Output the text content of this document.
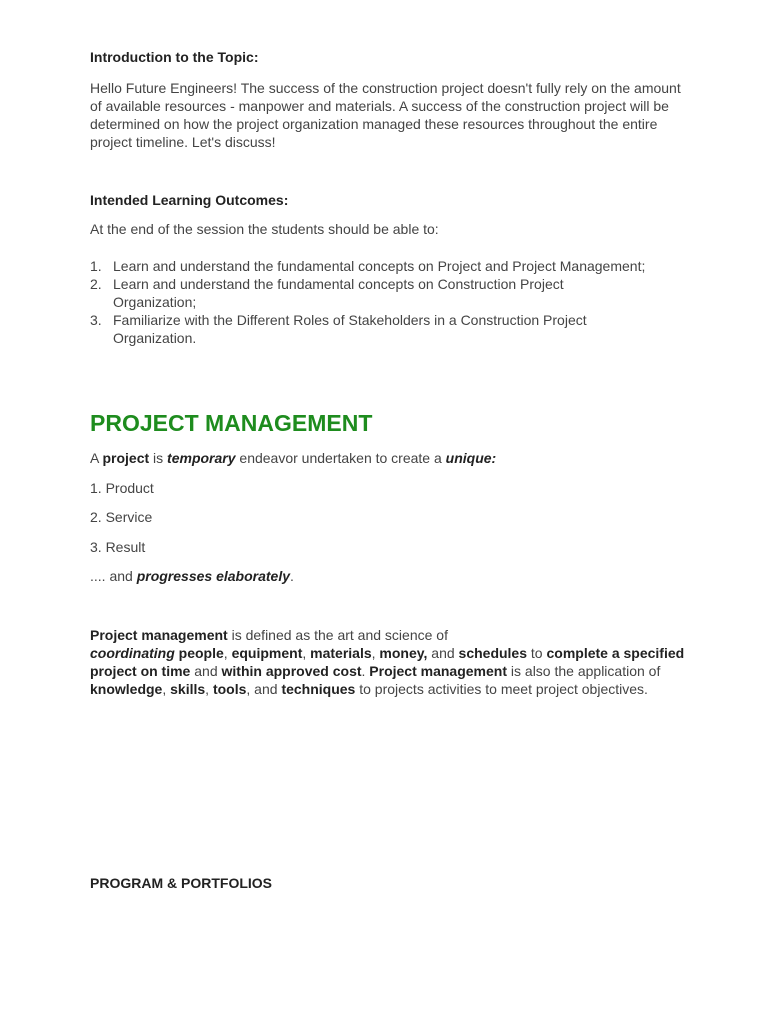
Introduction to the Topic:
Hello Future Engineers! The success of the construction project doesn't fully rely on the amount of available resources - manpower and materials. A success of the construction project will be determined on how the project organization managed these resources throughout the entire project timeline. Let's discuss!
Intended Learning Outcomes:
At the end of the session the students should be able to:
1. Learn and understand the fundamental concepts on Project and Project Management;
2. Learn and understand the fundamental concepts on Construction Project Organization;
3. Familiarize with the Different Roles of Stakeholders in a Construction Project Organization.
PROJECT MANAGEMENT
A project is temporary endeavor undertaken to create a unique:
1. Product
2. Service
3. Result
.... and progresses elaborately.
Project management is defined as the art and science of
coordinating people, equipment, materials, money, and schedules to complete a specified project on time and within approved cost. Project management is also the application of knowledge, skills, tools, and techniques to projects activities to meet project objectives.
PROGRAM & PORTFOLIOS
